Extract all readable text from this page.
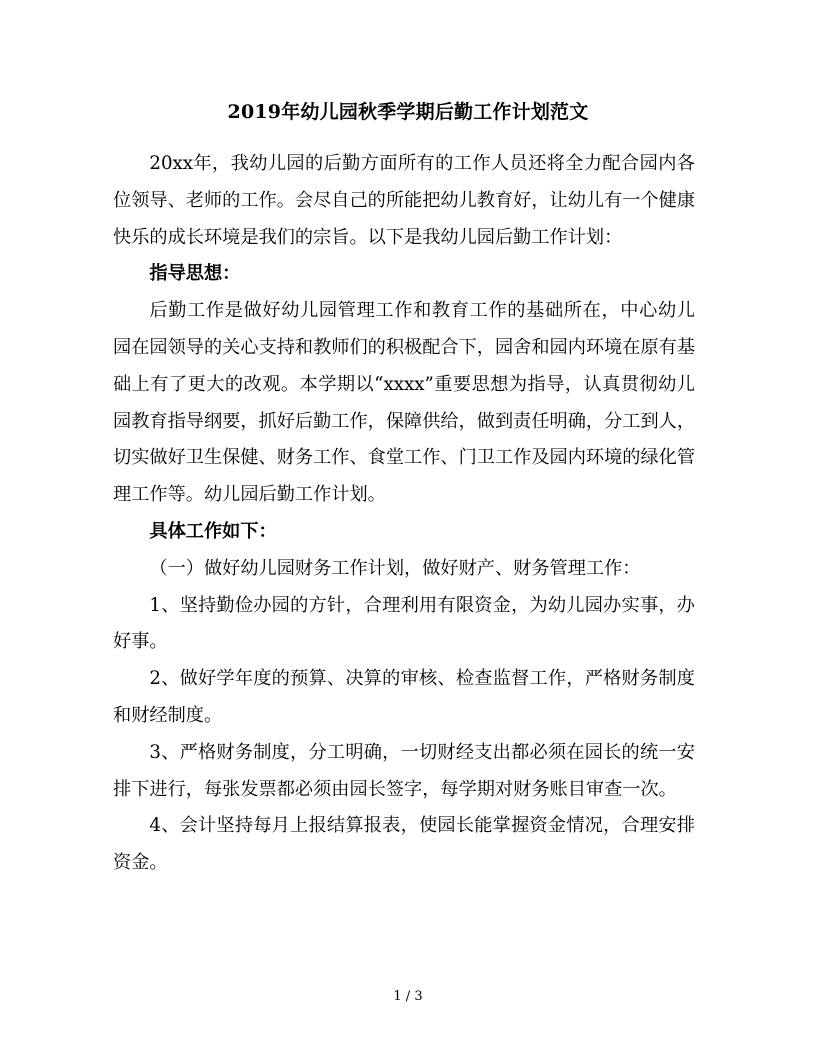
2019年幼儿园秋季学期后勤工作计划范文

20xx年，我幼儿园的后勤方面所有的工作人员还将全力配合园内各位领导、老师的工作。会尽自己的所能把幼儿教育好，让幼儿有一个健康快乐的成长环境是我们的宗旨。以下是我幼儿园后勤工作计划：

指导思想：

后勤工作是做好幼儿园管理工作和教育工作的基础所在，中心幼儿园在园领导的关心支持和教师们的积极配合下，园舍和园内环境在原有基础上有了更大的改观。本学期以“xxxx”重要思想为指导，认真贯彻幼儿园教育指导纲要，抓好后勤工作，保障供给，做到责任明确，分工到人，切实做好卫生保健、财务工作、食堂工作、门卫工作及园内环境的绿化管理工作等。幼儿园后勤工作计划。

具体工作如下：

（一）做好幼儿园财务工作计划，做好财产、财务管理工作：

1、坚持勤俭办园的方针，合理利用有限资金，为幼儿园办实事，办好事。

2、做好学年度的预算、决算的审核、检查监督工作，严格财务制度和财经制度。

3、严格财务制度，分工明确，一切财经支出都必须在园长的统一安排下进行，每张发票都必须由园长签字，每学期对财务账目审查一次。

4、会计坚持每月上报结算报表，使园长能掌握资金情况，合理安排资金。

1 / 3
